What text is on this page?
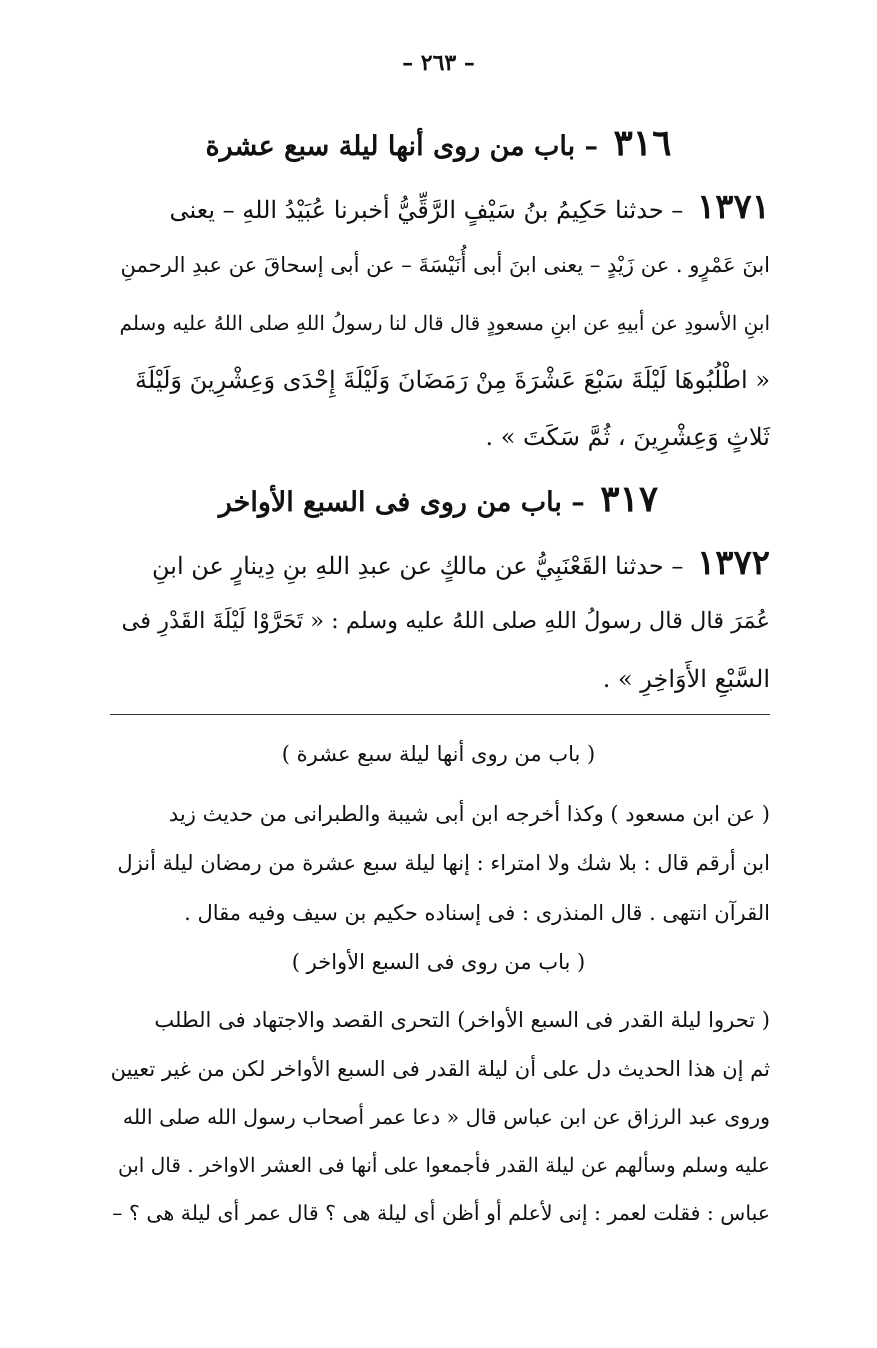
– ٢٦٣ –
٣١٦ – باب من روى أنها ليلة سبع عشرة
١٣٧١ – حدثنا حَكِيمُ بنُ سَيْفٍ الرَّقِّيُّ أخبرنا عُبَيْدُ اللهِ – يعنى
ابنَ عَمْرٍو . عن زَيْدٍ – يعنى ابنَ أبى أُنَيْسَةَ – عن أبى إسحاقَ عن عبدِ الرحمنِ
ابنِ الأسودِ عن أبيهِ عن ابنِ مسعودٍ قال قال لنا رسولُ اللهِ صلى اللهُ عليه وسلم
« اطْلُبُوهَا لَيْلَةَ سَبْعَ عَشْرَةَ مِنْ رَمَضَانَ وَلَيْلَةَ إِحْدَى وَعِشْرِينَ وَلَيْلَةَ
ثَلاثٍ وَعِشْرِينَ ، ثُمَّ سَكَتَ » .
٣١٧ – باب من روى فى السبع الأواخر
١٣٧٢ – حدثنا القَعْنَبِيُّ عن مالكٍ عن عبدِ اللهِ بنِ دِينارٍ عن ابنِ
عُمَرَ قال قال رسولُ اللهِ صلى اللهُ عليه وسلم : « تَحَرَّوْا لَيْلَةَ القَدْرِ فى
السَّبْعِ الأَوَاخِرِ » .
( باب من روى أنها ليلة سبع عشرة )
( عن ابن مسعود ) وكذا أخرجه ابن أبى شيبة والطبرانى من حديث زيد
ابن أرقم قال : بلا شك ولا امتراء : إنها ليلة سبع عشرة من رمضان ليلة أنزل
القرآن انتهى . قال المنذرى : فى إسناده حكيم بن سيف وفيه مقال .
( باب من روى فى السبع الأواخر )
( تحروا ليلة القدر فى السبع الأواخر) التحرى القصد والاجتهاد فى الطلب
ثم إن هذا الحديث دل على أن ليلة القدر فى السبع الأواخر لكن من غير تعيين
وروى عبد الرزاق عن ابن عباس قال « دعا عمر أصحاب رسول الله صلى الله
عليه وسلم وسألهم عن ليلة القدر فأجمعوا على أنها فى العشر الاواخر . قال ابن
عباس : فقلت لعمر : إنى لأعلم أو أظن أى ليلة هى ؟ قال عمر أى ليلة هى ؟ –
